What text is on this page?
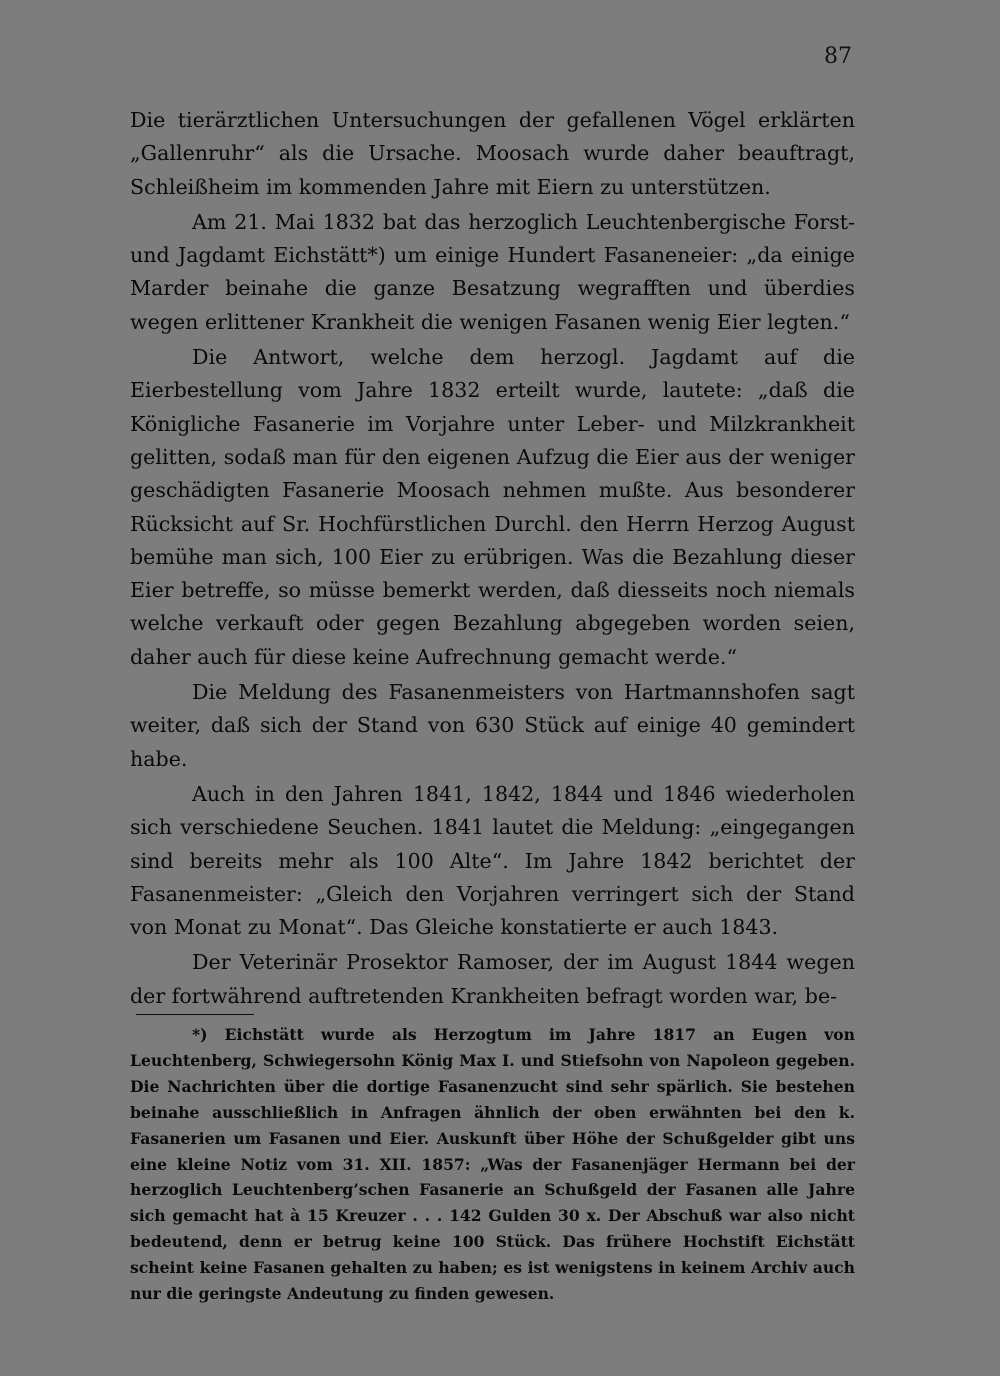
87

Die tierärztlichen Untersuchungen der gefallenen Vögel erklärten „Gallenruhr“ als die Ursache. Moosach wurde daher beauftragt, Schleißheim im kommenden Jahre mit Eiern zu unterstützen.

Am 21. Mai 1832 bat das herzoglich Leuchtenbergische Forst- und Jagdamt Eichstätt*) um einige Hundert Fasaneneier: „da einige Marder beinahe die ganze Besatzung wegrafften und überdies wegen erlittener Krankheit die wenigen Fasanen wenig Eier legten.“

Die Antwort, welche dem herzogl. Jagdamt auf die Eierbestellung vom Jahre 1832 erteilt wurde, lautete: „daß die Königliche Fasanerie im Vorjahre unter Leber- und Milzkrankheit gelitten, sodaß man für den eigenen Aufzug die Eier aus der weniger geschädigten Fasanerie Moosach nehmen mußte. Aus besonderer Rücksicht auf Sr. Hochfürstlichen Durchl. den Herrn Herzog August bemühe man sich, 100 Eier zu erübrigen. Was die Bezahlung dieser Eier betreffe, so müsse bemerkt werden, daß diesseits noch niemals welche verkauft oder gegen Bezahlung abgegeben worden seien, daher auch für diese keine Aufrechnung gemacht werde.“

Die Meldung des Fasanenmeisters von Hartmannshofen sagt weiter, daß sich der Stand von 630 Stück auf einige 40 gemindert habe.

Auch in den Jahren 1841, 1842, 1844 und 1846 wiederholen sich verschiedene Seuchen. 1841 lautet die Meldung: „eingegangen sind bereits mehr als 100 Alte“. Im Jahre 1842 berichtet der Fasanenmeister: „Gleich den Vorjahren verringert sich der Stand von Monat zu Monat“. Das Gleiche konstatierte er auch 1843.

Der Veterinär Prosektor Ramoser, der im August 1844 wegen der fortwährend auftretenden Krankheiten befragt worden war, be-

*) Eichstätt wurde als Herzogtum im Jahre 1817 an Eugen von Leuchtenberg, Schwiegersohn König Max I. und Stiefsohn von Napoleon gegeben. Die Nachrichten über die dortige Fasanenzucht sind sehr spärlich. Sie bestehen beinahe ausschließlich in Anfragen ähnlich der oben erwähnten bei den k. Fasanerien um Fasanen und Eier. Auskunft über Höhe der Schußgelder gibt uns eine kleine Notiz vom 31. XII. 1857: „Was der Fasanenjäger Hermann bei der herzoglich Leuchtenberg’schen Fasanerie an Schußgeld der Fasanen alle Jahre sich gemacht hat à 15 Kreuzer . . . 142 Gulden 30 x. Der Abschuß war also nicht bedeutend, denn er betrug keine 100 Stück. Das frühere Hochstift Eichstätt scheint keine Fasanen gehalten zu haben; es ist wenigstens in keinem Archiv auch nur die geringste Andeutung zu finden gewesen.
